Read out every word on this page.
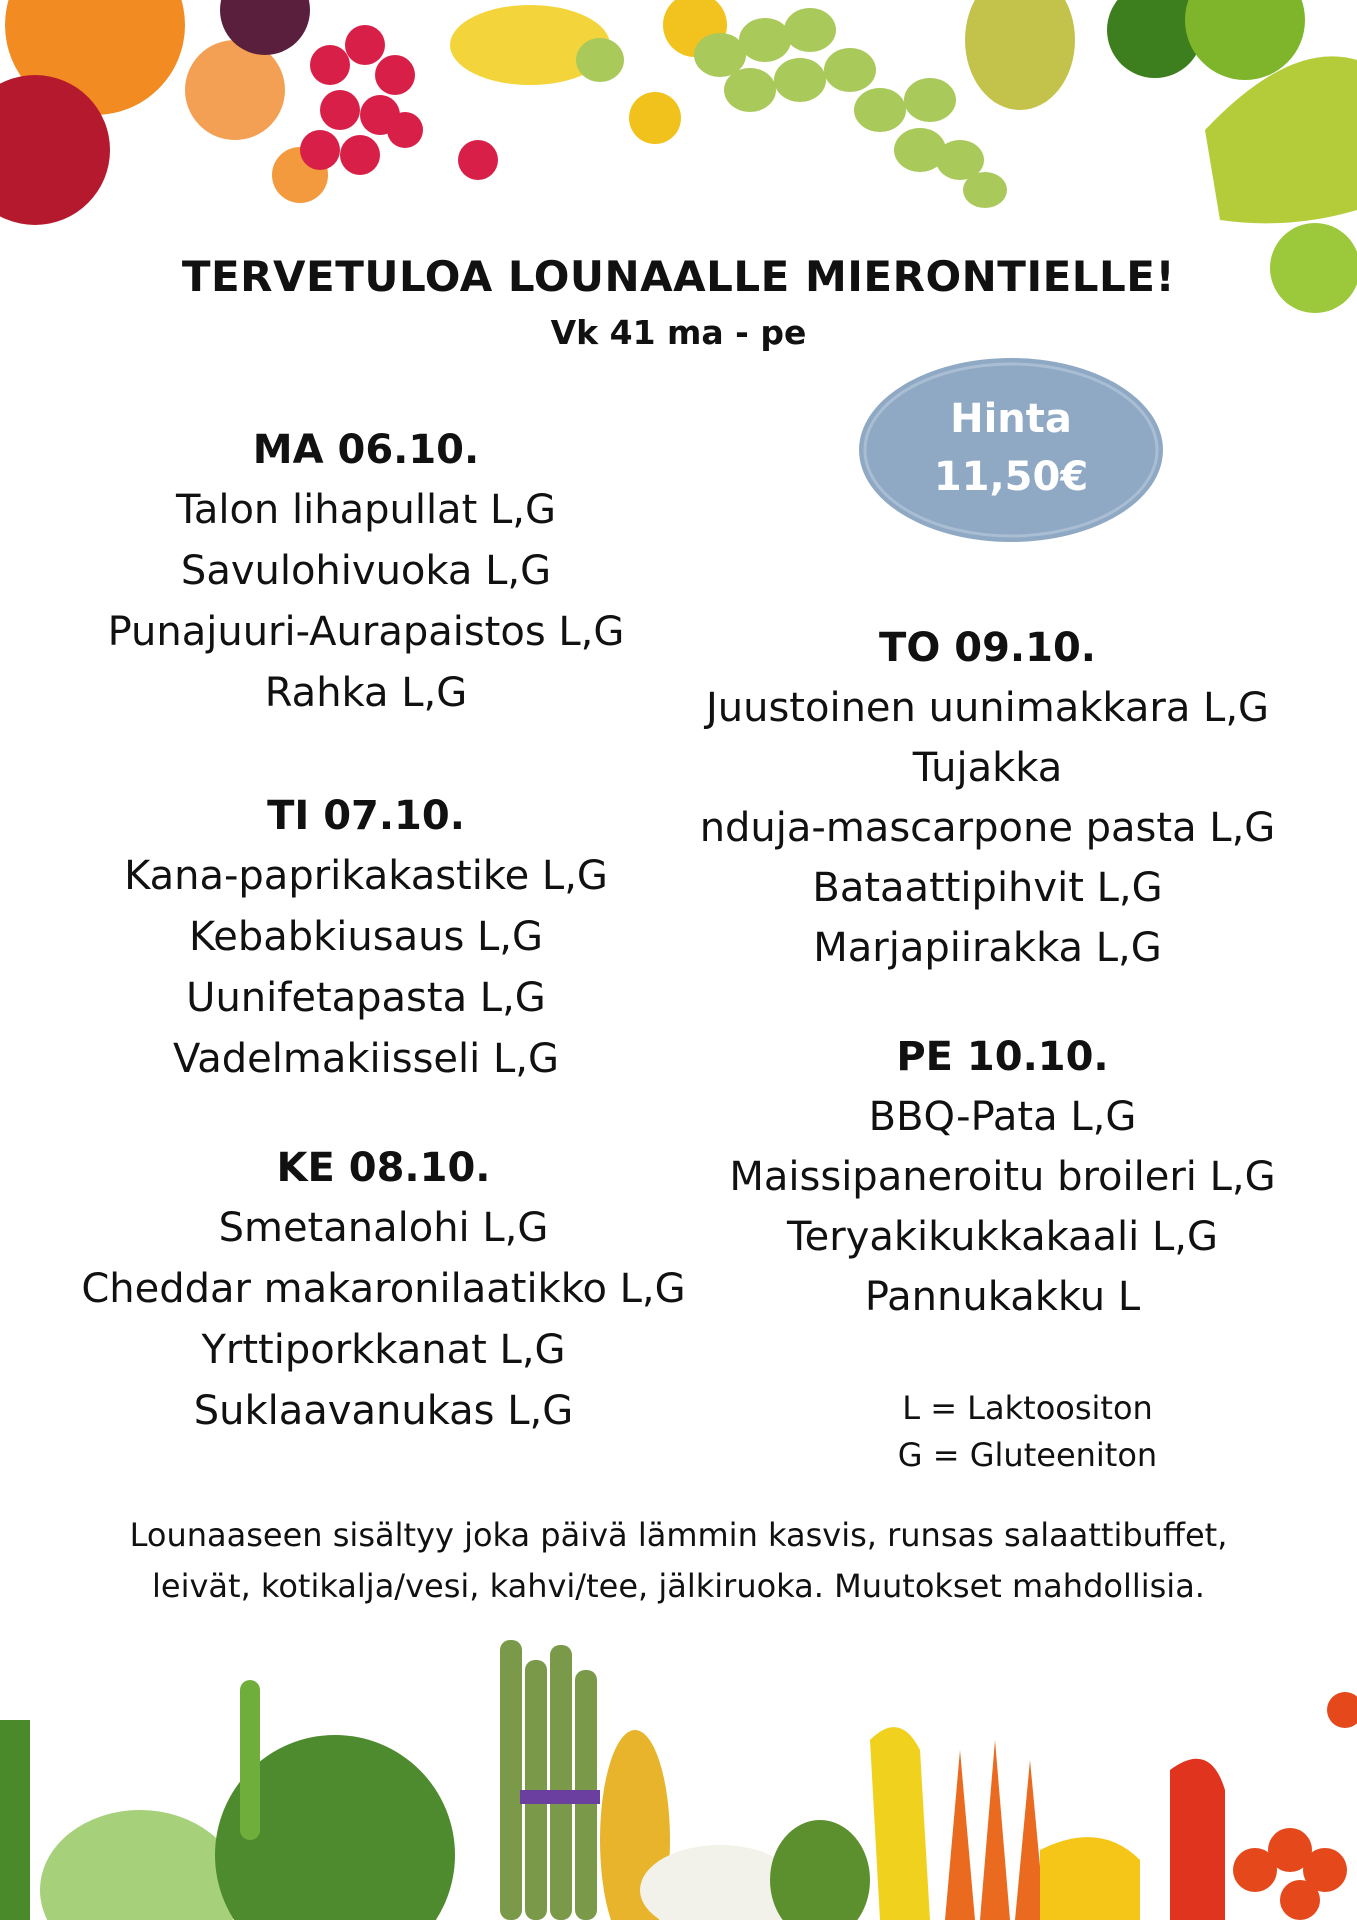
TERVETULOA LOUNAALLE MIERONTIELLE!
Vk 41 ma - pe
Hinta
11,50€
MA 06.10.
Talon lihapullat L,G
Savulohivuoka L,G
Punajuuri-Aurapaistos L,G
Rahka L,G
TI 07.10.
Kana-paprikakastike L,G
Kebabkiusaus L,G
Uunifetapasta L,G
Vadelmakiisseli L,G
KE 08.10.
Smetanalohi L,G
Cheddar makaronilaatikko L,G
Yrttiporkkanat L,G
Suklaavanukas L,G
TO 09.10.
Juustoinen uunimakkara L,G
Tujakka
nduja-mascarpone pasta L,G
Bataattipihvit L,G
Marjapiirakka L,G
PE 10.10.
BBQ-Pata L,G
Maissipaneroitu broileri L,G
Teryakikukkakaali L,G
Pannukakku L
L = Laktoositon
G = Gluteeniton
Lounaaseen sisältyy joka päivä lämmin kasvis, runsas salaattibuffet,
leivät, kotikalja/vesi, kahvi/tee, jälkiruoka. Muutokset mahdollisia.
